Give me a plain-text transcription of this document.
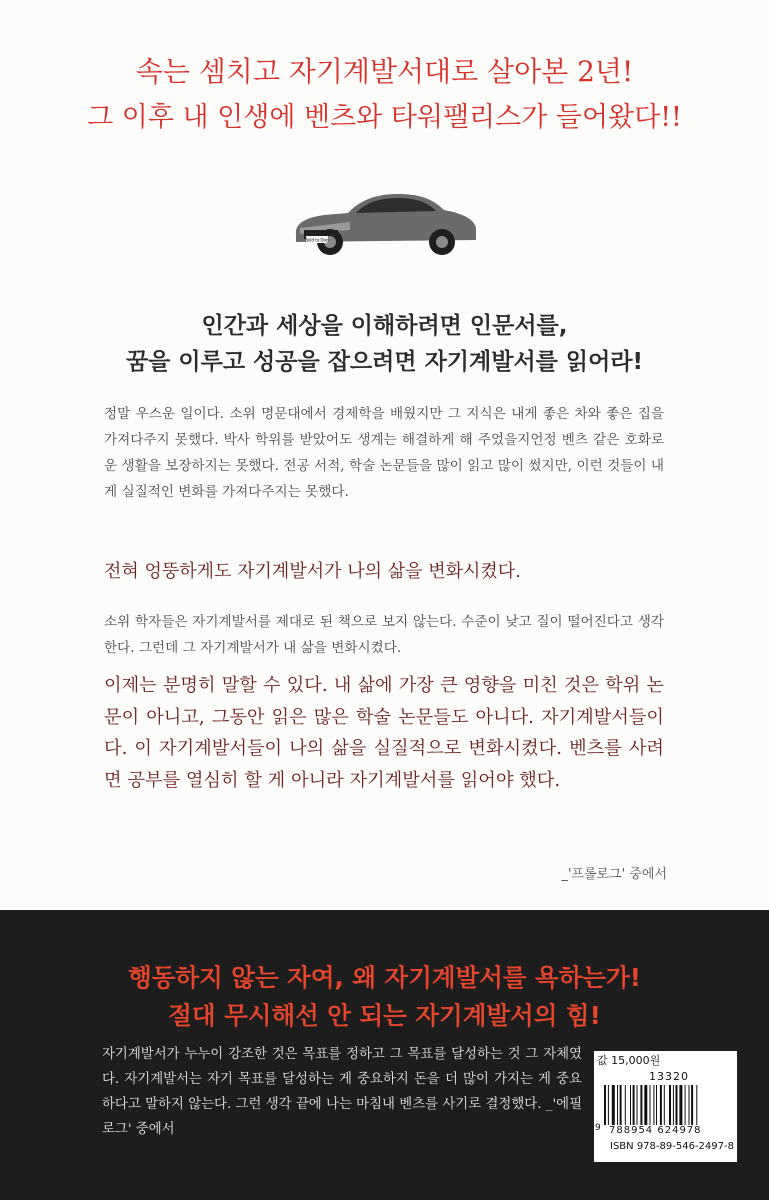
속는 셈치고 자기계발서대로 살아본 2년!
그 이후 내 인생에 벤츠와 타워팰리스가 들어왔다!!
Sold to Dog
인간과 세상을 이해하려면 인문서를,
꿈을 이루고 성공을 잡으려면 자기계발서를 읽어라!
정말 우스운 일이다. 소위 명문대에서 경제학을 배웠지만 그 지식은 내게 좋은 차와 좋은 집을 가져다주지 못했다. 박사 학위를 받았어도 생계는 해결하게 해 주었을지언정 벤츠 같은 호화로운 생활을 보장하지는 못했다. 전공 서적, 학술 논문들을 많이 읽고 많이 썼지만, 이런 것들이 내게 실질적인 변화를 가져다주지는 못했다.
전혀 엉뚱하게도 자기계발서가 나의 삶을 변화시켰다.
소위 학자들은 자기계발서를 제대로 된 책으로 보지 않는다. 수준이 낮고 질이 떨어진다고 생각한다. 그런데 그 자기계발서가 내 삶을 변화시켰다.
이제는 분명히 말할 수 있다. 내 삶에 가장 큰 영향을 미친 것은 학위 논문이 아니고, 그동안 읽은 많은 학술 논문들도 아니다. 자기계발서들이다. 이 자기계발서들이 나의 삶을 실질적으로 변화시켰다. 벤츠를 사려면 공부를 열심히 할 게 아니라 자기계발서를 읽어야 했다.
_'프롤로그' 중에서
행동하지 않는 자여, 왜 자기계발서를 욕하는가!
절대 무시해선 안 되는 자기계발서의 힘!
자기계발서가 누누이 강조한 것은 목표를 정하고 그 목표를 달성하는 것 그 자체였다. 자기계발서는 자기 목표를 달성하는 게 중요하지 돈을 더 많이 가지는 게 중요하다고 말하지 않는다. 그런 생각 끝에 나는 마침내 벤츠를 사기로 결정했다. _'에필로그' 중에서
값 15,000원
13320
9 788954 624978
ISBN 978-89-546-2497-8
